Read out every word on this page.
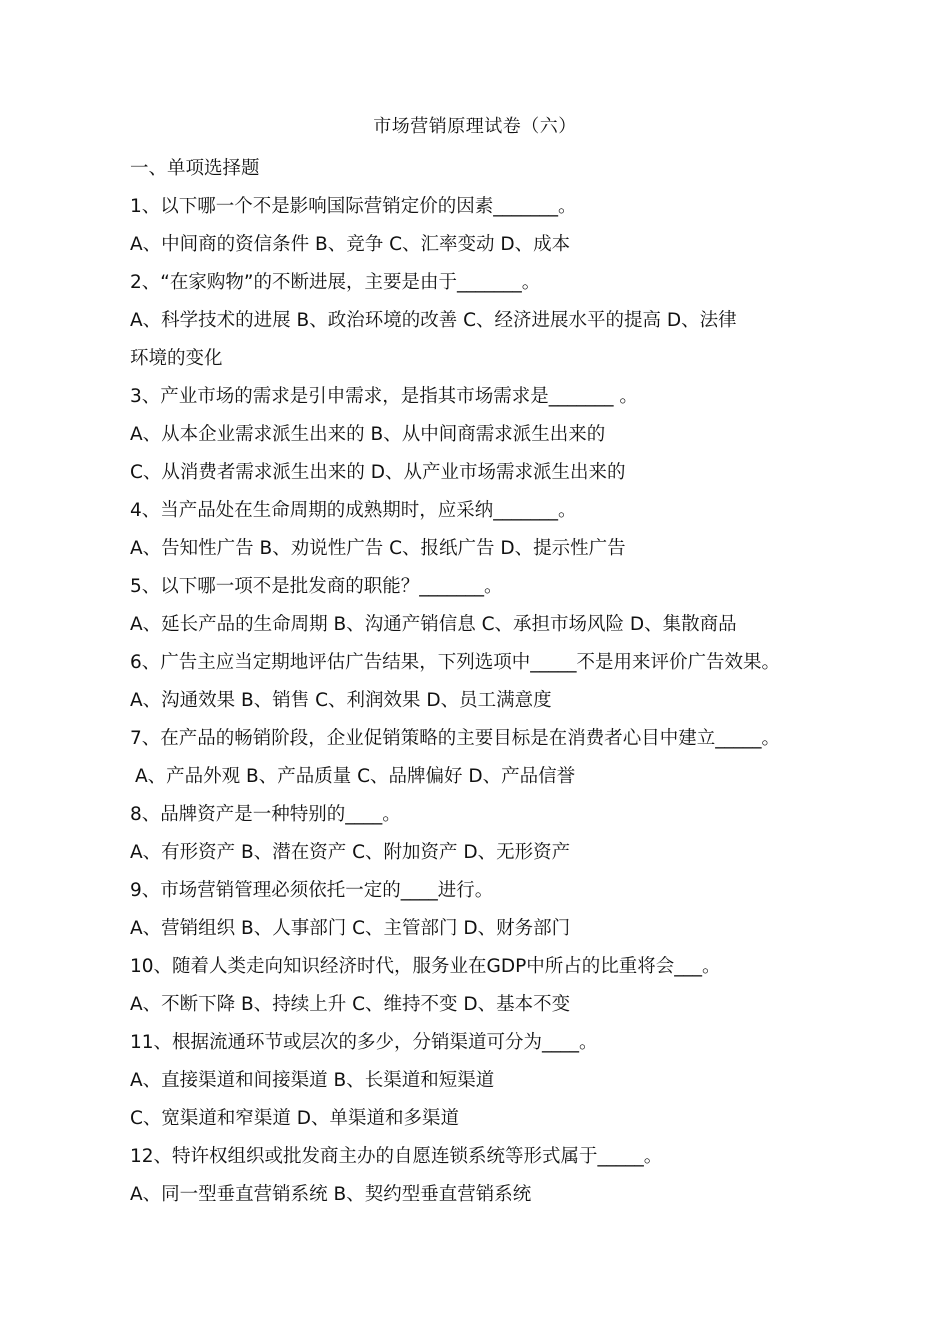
市场营销原理试卷（六）
一、单项选择题
1、以下哪一个不是影响国际营销定价的因素_______。
A、中间商的资信条件 B、竞争 C、汇率变动 D、成本
2、“在家购物”的不断进展，主要是由于_______。
A、科学技术的进展 B、政治环境的改善 C、经济进展水平的提高 D、法律
环境的变化
3、产业市场的需求是引申需求，是指其市场需求是_______ 。
A、从本企业需求派生出来的 B、从中间商需求派生出来的
C、从消费者需求派生出来的 D、从产业市场需求派生出来的
4、当产品处在生命周期的成熟期时，应采纳_______。
A、告知性广告 B、劝说性广告 C、报纸广告 D、提示性广告
5、以下哪一项不是批发商的职能？_______。
A、延长产品的生命周期 B、沟通产销信息 C、承担市场风险 D、集散商品
6、广告主应当定期地评估广告结果，下列选项中_____不是用来评价广告效果。
A、沟通效果 B、销售 C、利润效果 D、员工满意度
7、在产品的畅销阶段，企业促销策略的主要目标是在消费者心目中建立_____。
A、产品外观 B、产品质量 C、品牌偏好 D、产品信誉
8、品牌资产是一种特别的____。
A、有形资产 B、潜在资产 C、附加资产 D、无形资产
9、市场营销管理必须依托一定的____进行。
A、营销组织 B、人事部门 C、主管部门 D、财务部门
10、随着人类走向知识经济时代，服务业在GDP中所占的比重将会___。
A、不断下降 B、持续上升 C、维持不变 D、基本不变
11、根据流通环节或层次的多少，分销渠道可分为____。
A、直接渠道和间接渠道 B、长渠道和短渠道
C、宽渠道和窄渠道 D、单渠道和多渠道
12、特许权组织或批发商主办的自愿连锁系统等形式属于_____。
A、同一型垂直营销系统 B、契约型垂直营销系统
